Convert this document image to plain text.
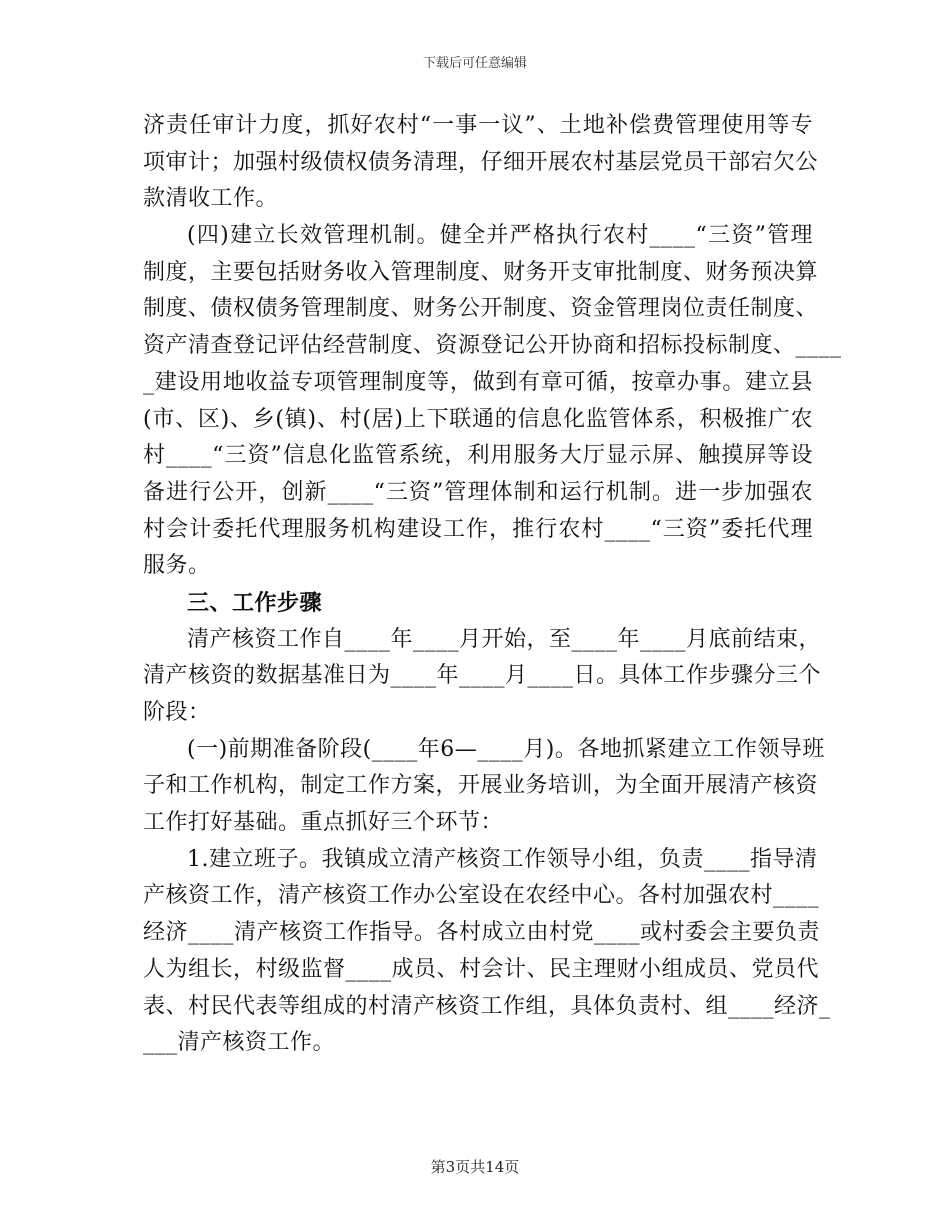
下载后可任意编辑
济责任审计力度，抓好农村“一事一议”、土地补偿费管理使用等专
项审计；加强村级债权债务清理，仔细开展农村基层党员干部宕欠公
款清收工作。
(四)建立长效管理机制。健全并严格执行农村____“三资”管理
制度，主要包括财务收入管理制度、财务开支审批制度、财务预决算
制度、债权债务管理制度、财务公开制度、资金管理岗位责任制度、
资产清查登记评估经营制度、资源登记公开协商和招标投标制度、____
_建设用地收益专项管理制度等，做到有章可循，按章办事。建立县
(市、区)、乡(镇)、村(居)上下联通的信息化监管体系，积极推广农
村____“三资”信息化监管系统，利用服务大厅显示屏、触摸屏等设
备进行公开，创新____“三资”管理体制和运行机制。进一步加强农
村会计委托代理服务机构建设工作，推行农村____“三资”委托代理
服务。
三、工作步骤
清产核资工作自____年____月开始，至____年____月底前结束，
清产核资的数据基准日为____年____月____日。具体工作步骤分三个
阶段：
(一)前期准备阶段(____年6—____月)。各地抓紧建立工作领导班
子和工作机构，制定工作方案，开展业务培训，为全面开展清产核资
工作打好基础。重点抓好三个环节：
1.建立班子。我镇成立清产核资工作领导小组，负责____指导清
产核资工作，清产核资工作办公室设在农经中心。各村加强农村____
经济____清产核资工作指导。各村成立由村党____或村委会主要负责
人为组长，村级监督____成员、村会计、民主理财小组成员、党员代
表、村民代表等组成的村清产核资工作组，具体负责村、组____经济_
___清产核资工作。
第3页共14页
